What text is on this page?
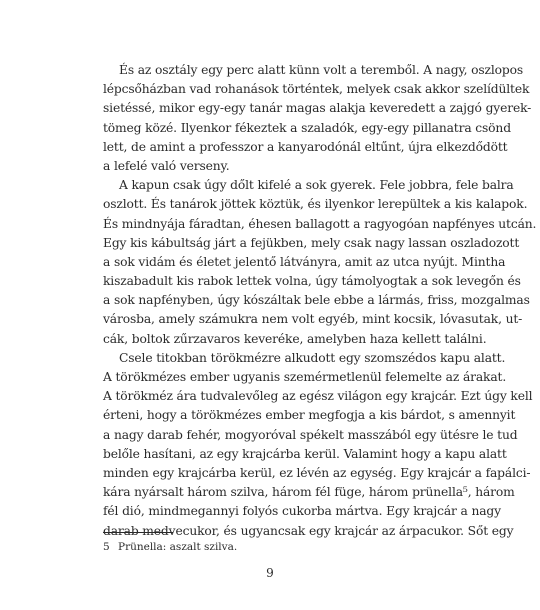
És az osztály egy perc alatt künn volt a teremből. A nagy, oszlopos
lépcsőházban vad rohanások történtek, melyek csak akkor szelídültek
sietéssé, mikor egy-egy tanár magas alakja keveredett a zajgó gyerek-
tömeg közé. Ilyenkor fékeztek a szaladók, egy-egy pillanatra csönd
lett, de amint a professzor a kanyarodónál eltűnt, újra elkezdődött
a lefelé való verseny.
A kapun csak úgy dőlt kifelé a sok gyerek. Fele jobbra, fele balra
oszlott. És tanárok jöttek köztük, és ilyenkor lerepültek a kis kalapok.
És mindnyája fáradtan, éhesen ballagott a ragyogóan napfényes utcán.
Egy kis kábultság járt a fejükben, mely csak nagy lassan oszladozott
a sok vidám és életet jelentő látványra, amit az utca nyújt. Mintha
kiszabadult kis rabok lettek volna, úgy támolyogtak a sok levegőn és
a sok napfényben, úgy kószáltak bele ebbe a lármás, friss, mozgalmas
városba, amely számukra nem volt egyéb, mint kocsik, lóvasutak, ut-
cák, boltok zűrzavaros keveréke, amelyben haza kellett találni.
Csele titokban törökmézre alkudott egy szomszédos kapu alatt.
A törökmézes ember ugyanis szemérmetlenül felemelte az árakat.
A törökméz ára tudvalevőleg az egész világon egy krajcár. Ezt úgy kell
érteni, hogy a törökmézes ember megfogja a kis bárdot, s amennyit
a nagy darab fehér, mogyoróval spékelt masszából egy ütésre le tud
belőle hasítani, az egy krajcárba kerül. Valamint hogy a kapu alatt
minden egy krajcárba kerül, ez lévén az egység. Egy krajcár a fapálci-
kára nyársalt három szilva, három fél füge, három prünella⁵, három
fél dió, mindmegannyi folyós cukorba mártva. Egy krajcár a nagy
darab medvecukor, és ugyancsak egy krajcár az árpacukor. Sőt egy
5 Prünella: aszalt szilva.
9
